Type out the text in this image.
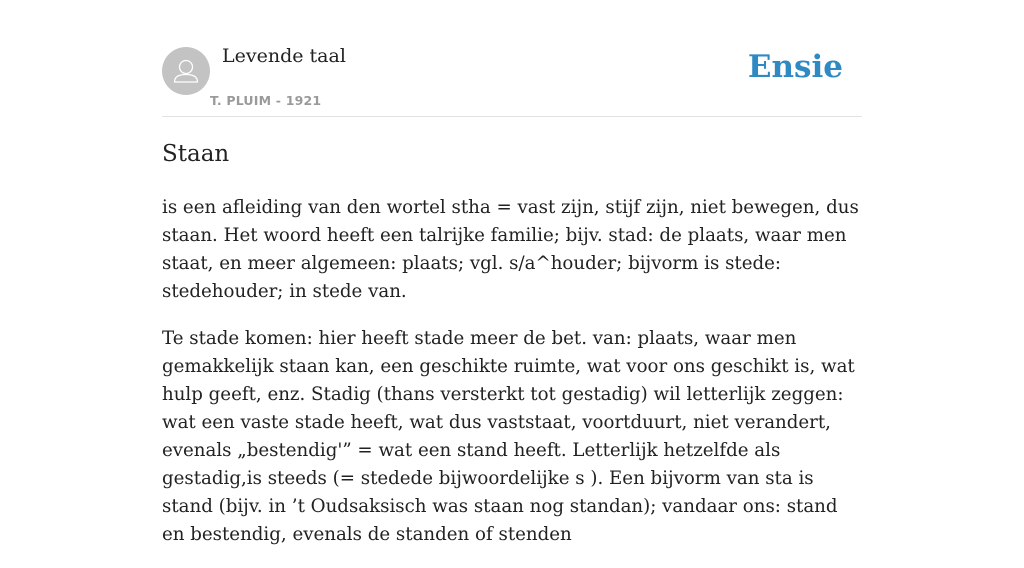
Levende taal
T. PLUIM - 1921
Ensie
Staan

is een afleiding van den wortel stha = vast zijn, stijf zijn, niet bewegen, dus staan. Het woord heeft een talrijke familie; bijv. stad: de plaats, waar men staat, en meer algemeen: plaats; vgl. s/a^houder; bijvorm is stede: stedehouder; in stede van.

Te stade komen: hier heeft stade meer de bet. van: plaats, waar men gemakkelijk staan kan, een geschikte ruimte, wat voor ons geschikt is, wat hulp geeft, enz. Stadig (thans versterkt tot gestadig) wil letterlijk zeggen: wat een vaste stade heeft, wat dus vaststaat, voortduurt, niet verandert, evenals „bestendig'” = wat een stand heeft. Letterlijk hetzelfde als gestadig,is steeds (= stedede bijwoordelijke s ). Een bijvorm van sta is stand (bijv. in ’t Oudsaksisch was staan nog standan); vandaar ons: stand en bestendig, evenals de standen of stenden
